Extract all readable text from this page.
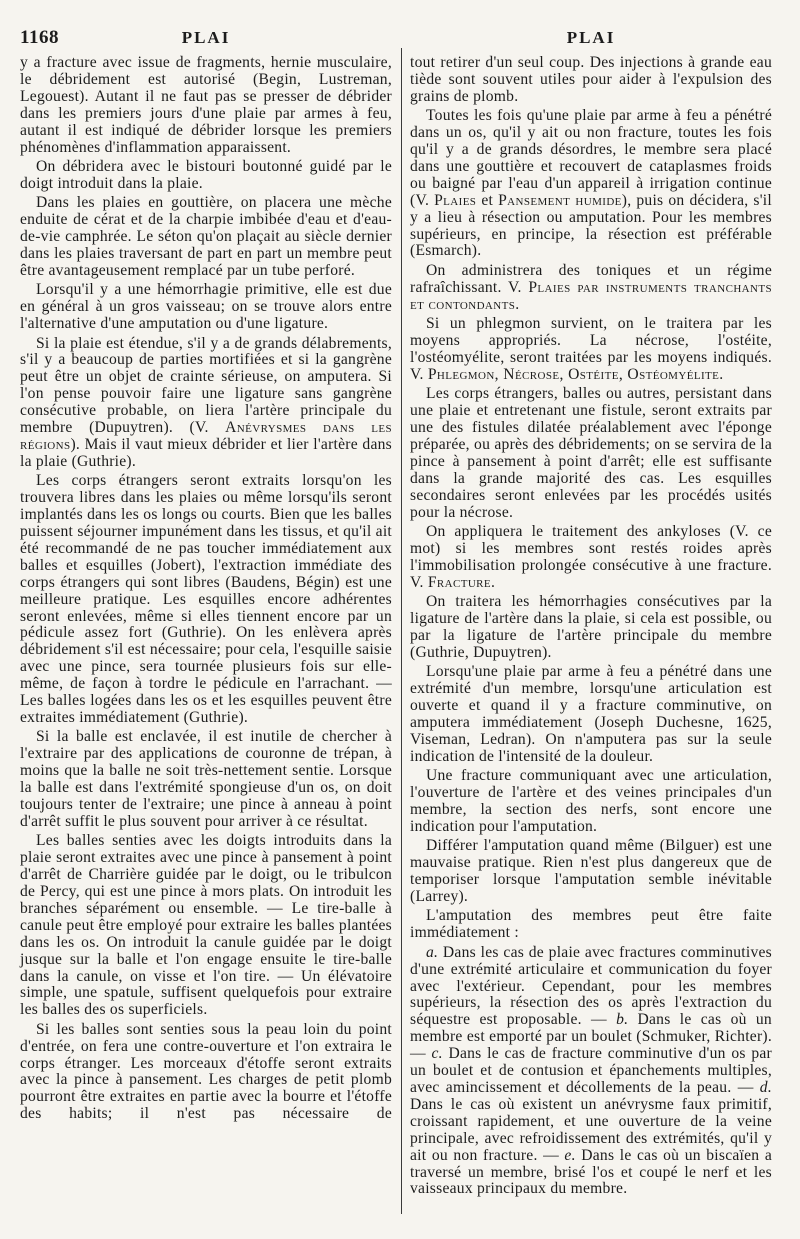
1168	PLAI	PLAI

y a fracture avec issue de fragments, hernie musculaire, le débridement est autorisé (Begin, Lustreman, Legouest). Autant il ne faut pas se presser de débrider dans les premiers jours d'une plaie par armes à feu, autant il est indiqué de débrider lorsque les premiers phénomènes d'inflammation apparaissent.

On débridera avec le bistouri boutonné guidé par le doigt introduit dans la plaie.

Dans les plaies en gouttière, on placera une mèche enduite de cérat et de la charpie imbibée d'eau et d'eau-de-vie camphrée. Le séton qu'on plaçait au siècle dernier dans les plaies traversant de part en part un membre peut être avantageusement remplacé par un tube perforé.

Lorsqu'il y a une hémorrhagie primitive, elle est due en général à un gros vaisseau; on se trouve alors entre l'alternative d'une amputation ou d'une ligature.

Si la plaie est étendue, s'il y a de grands délabrements, s'il y a beaucoup de parties mortifiées et si la gangrène peut être un objet de crainte sérieuse, on amputera. Si l'on pense pouvoir faire une ligature sans gangrène consécutive probable, on liera l'artère principale du membre (Dupuytren). (V. Anévrysmes dans les régions). Mais il vaut mieux débrider et lier l'artère dans la plaie (Guthrie).

Les corps étrangers seront extraits lorsqu'on les trouvera libres dans les plaies ou même lorsqu'ils seront implantés dans les os longs ou courts. Bien que les balles puissent séjourner impunément dans les tissus, et qu'il ait été recommandé de ne pas toucher immédiatement aux balles et esquilles (Jobert), l'extraction immédiate des corps étrangers qui sont libres (Baudens, Bégin) est une meilleure pratique. Les esquilles encore adhérentes seront enlevées, même si elles tiennent encore par un pédicule assez fort (Guthrie). On les enlèvera après débridement s'il est nécessaire; pour cela, l'esquille saisie avec une pince, sera tournée plusieurs fois sur elle-même, de façon à tordre le pédicule en l'arrachant. — Les balles logées dans les os et les esquilles peuvent être extraites immédiatement (Guthrie).

Si la balle est enclavée, il est inutile de chercher à l'extraire par des applications de couronne de trépan, à moins que la balle ne soit très-nettement sentie. Lorsque la balle est dans l'extrémité spongieuse d'un os, on doit toujours tenter de l'extraire; une pince à anneau à point d'arrêt suffit le plus souvent pour arriver à ce résultat.

Les balles senties avec les doigts introduits dans la plaie seront extraites avec une pince à pansement à point d'arrêt de Charrière guidée par le doigt, ou le tribulcon de Percy, qui est une pince à mors plats. On introduit les branches séparément ou ensemble. — Le tire-balle à canule peut être employé pour extraire les balles plantées dans les os. On introduit la canule guidée par le doigt jusque sur la balle et l'on engage ensuite le tire-balle dans la canule, on visse et l'on tire. — Un élévatoire simple, une spatule, suffisent quelquefois pour extraire les balles des os superficiels.

Si les balles sont senties sous la peau loin du point d'entrée, on fera une contre-ouverture et l'on extraira le corps étranger. Les morceaux d'étoffe seront extraits avec la pince à pansement. Les charges de petit plomb pourront être extraites en partie avec la bourre et l'étoffe des habits; il n'est pas nécessaire de

tout retirer d'un seul coup. Des injections à grande eau tiède sont souvent utiles pour aider à l'expulsion des grains de plomb.

Toutes les fois qu'une plaie par arme à feu a pénétré dans un os, qu'il y ait ou non fracture, toutes les fois qu'il y a de grands désordres, le membre sera placé dans une gouttière et recouvert de cataplasmes froids ou baigné par l'eau d'un appareil à irrigation continue (V. Plaies et Pansement humide), puis on décidera, s'il y a lieu à résection ou amputation. Pour les membres supérieurs, en principe, la résection est préférable (Esmarch).

On administrera des toniques et un régime rafraîchissant. V. Plaies par instruments tranchants et contondants.

Si un phlegmon survient, on le traitera par les moyens appropriés. La nécrose, l'ostéite, l'ostéomyélite, seront traitées par les moyens indiqués. V. Phlegmon, Nécrose, Ostéite, Ostéomyélite.

Les corps étrangers, balles ou autres, persistant dans une plaie et entretenant une fistule, seront extraits par une des fistules dilatée préalablement avec l'éponge préparée, ou après des débridements; on se servira de la pince à pansement à point d'arrêt; elle est suffisante dans la grande majorité des cas. Les esquilles secondaires seront enlevées par les procédés usités pour la nécrose.

On appliquera le traitement des ankyloses (V. ce mot) si les membres sont restés roides après l'immobilisation prolongée consécutive à une fracture. V. Fracture.

On traitera les hémorrhagies consécutives par la ligature de l'artère dans la plaie, si cela est possible, ou par la ligature de l'artère principale du membre (Guthrie, Dupuytren).

Lorsqu'une plaie par arme à feu a pénétré dans une extrémité d'un membre, lorsqu'une articulation est ouverte et quand il y a fracture comminutive, on amputera immédiatement (Joseph Duchesne, 1625, Viseman, Ledran). On n'amputera pas sur la seule indication de l'intensité de la douleur.

Une fracture communiquant avec une articulation, l'ouverture de l'artère et des veines principales d'un membre, la section des nerfs, sont encore une indication pour l'amputation.

Différer l'amputation quand même (Bilguer) est une mauvaise pratique. Rien n'est plus dangereux que de temporiser lorsque l'amputation semble inévitable (Larrey).

L'amputation des membres peut être faite immédiatement :

a. Dans les cas de plaie avec fractures comminutives d'une extrémité articulaire et communication du foyer avec l'extérieur. Cependant, pour les membres supérieurs, la résection des os après l'extraction du séquestre est proposable. — b. Dans le cas où un membre est emporté par un boulet (Schmuker, Richter). — c. Dans le cas de fracture comminutive d'un os par un boulet et de contusion et épanchements multiples, avec amincissement et décollements de la peau. — d. Dans le cas où existent un anévrysme faux primitif, croissant rapidement, et une ouverture de la veine principale, avec refroidissement des extrémités, qu'il y ait ou non fracture. — e. Dans le cas où un biscaïen a traversé un membre, brisé l'os et coupé le nerf et les vaisseaux principaux du membre.
